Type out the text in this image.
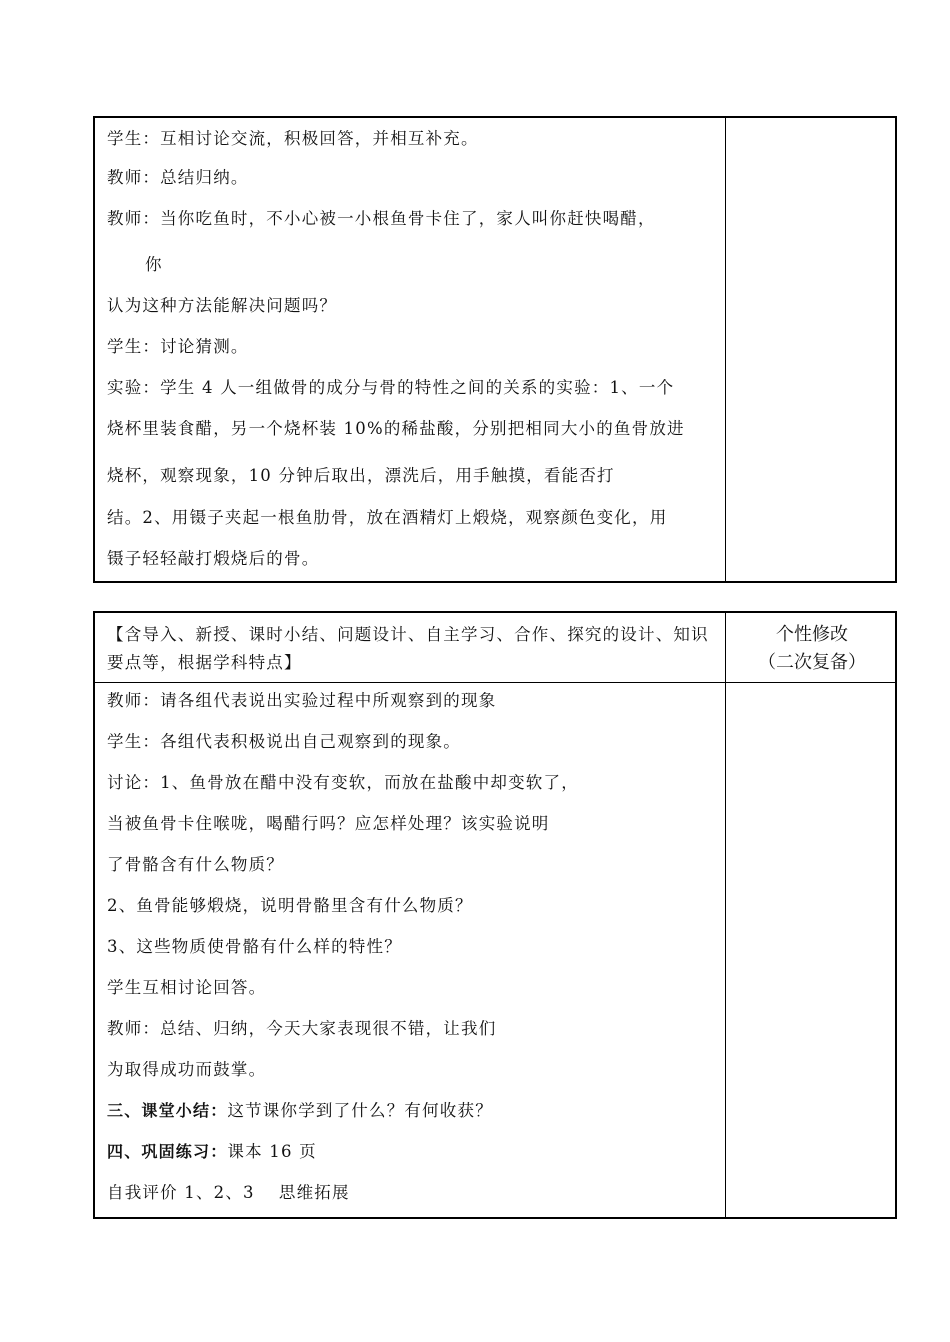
学生：互相讨论交流，积极回答，并相互补充。
教师：总结归纳。
教师：当你吃鱼时，不小心被一小根鱼骨卡住了，家人叫你赶快喝醋，
你
认为这种方法能解决问题吗？
学生：讨论猜测。
实验：学生 4 人一组做骨的成分与骨的特性之间的关系的实验：1、一个
烧杯里装食醋，另一个烧杯装 10%的稀盐酸，分别把相同大小的鱼骨放进
烧杯，观察现象，10 分钟后取出，漂洗后，用手触摸，看能否打
结。2、用镊子夹起一根鱼肋骨，放在酒精灯上煅烧，观察颜色变化，用
镊子轻轻敲打煅烧后的骨。
【含导入、新授、课时小结、问题设计、自主学习、合作、探究的设计、知识要点等，根据学科特点】
个性修改
（二次复备）
教师：请各组代表说出实验过程中所观察到的现象
学生：各组代表积极说出自己观察到的现象。
讨论：1、鱼骨放在醋中没有变软，而放在盐酸中却变软了，
当被鱼骨卡住喉咙，喝醋行吗？应怎样处理？该实验说明
了骨骼含有什么物质？
2、鱼骨能够煅烧，说明骨骼里含有什么物质？
3、这些物质使骨骼有什么样的特性？
学生互相讨论回答。
教师：总结、归纳，今天大家表现很不错，让我们
为取得成功而鼓掌。
三、课堂小结：这节课你学到了什么？有何收获？
四、巩固练习：课本 16 页
自我评价 1、2、3　 思维拓展
